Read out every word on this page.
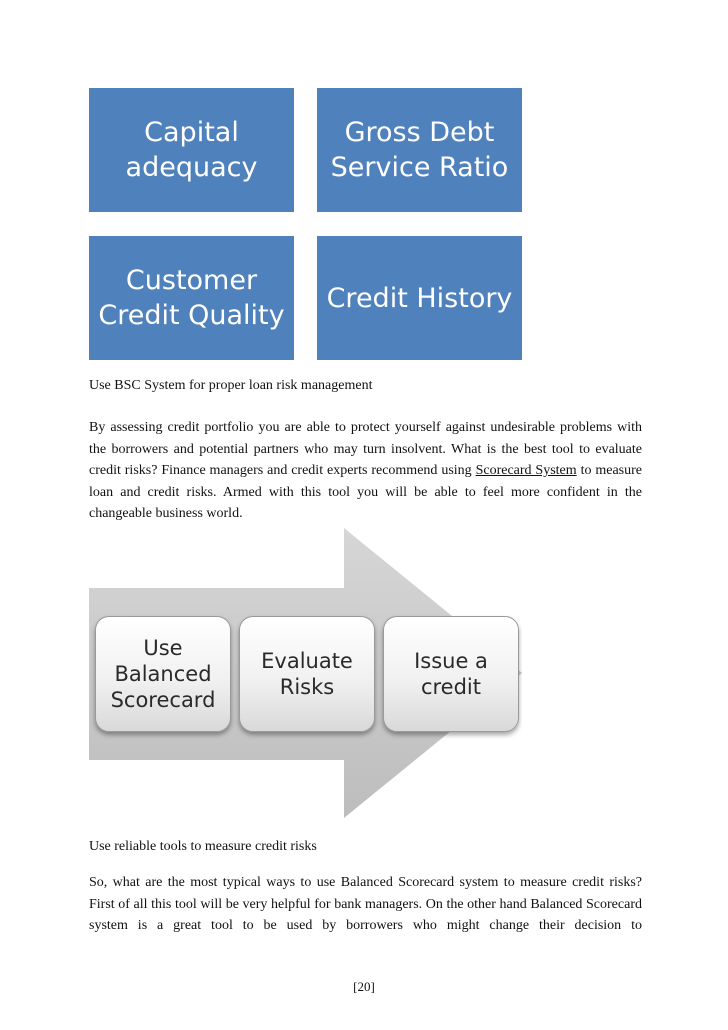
Capital
adequacy
Gross Debt
Service Ratio
Customer
Credit Quality
Credit History
Use BSC System for proper loan risk management

By assessing credit portfolio you are able to protect yourself against undesirable problems with the borrowers and potential partners who may turn insolvent. What is the best tool to evaluate credit risks? Finance managers and credit experts recommend using Scorecard System to measure loan and credit risks. Armed with this tool you will be able to feel more confident in the changeable business world.

Use
Balanced
Scorecard
Evaluate
Risks
Issue a
credit
Use reliable tools to measure credit risks

So, what are the most typical ways to use Balanced Scorecard system to measure credit risks? First of all this tool will be very helpful for bank managers. On the other hand Balanced Scorecard system is a great tool to be used by borrowers who might change their decision to

[20]
